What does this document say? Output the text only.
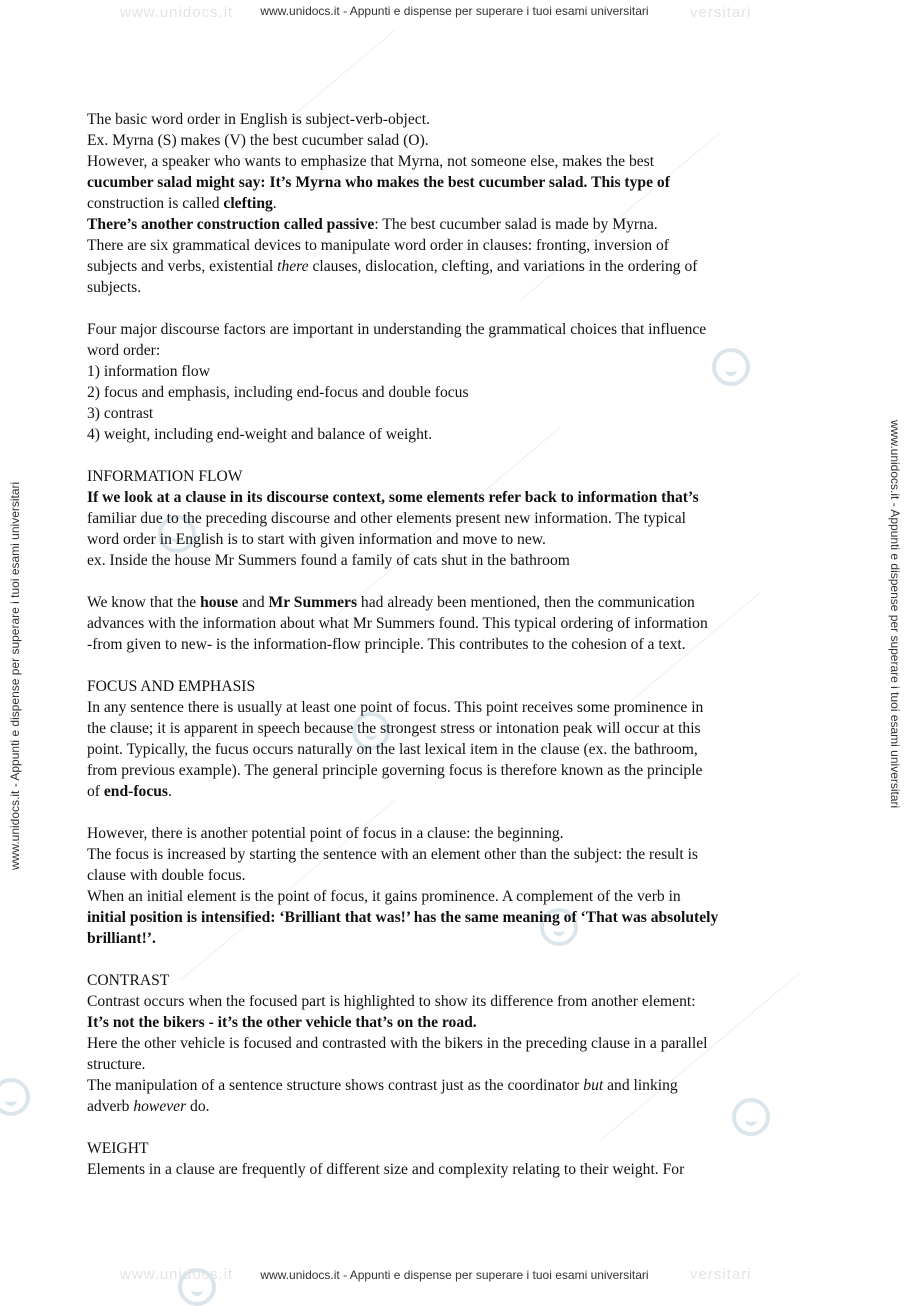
www.unidocs.it	versitari
www.unidocs.it	versitari
www.unidocs.it - Appunti e dispense per superare i tuoi esami universitari
www.unidocs.it - Appunti e dispense per superare i tuoi esami universitari
www.unidocs.it - Appunti e dispense per superare i tuoi esami universitari	www.unidocs.it - Appunti e dispense per superare i tuoi esami universitari

The basic word order in English is subject-verb-object.

Ex. Myrna (S) makes (V) the best cucumber salad (O).

However, a speaker who wants to emphasize that Myrna, not someone else, makes the best

cucumber salad might say: It’s Myrna who makes the best cucumber salad. This type of

construction is called clefting.

There’s another construction called passive: The best cucumber salad is made by Myrna.

There are six grammatical devices to manipulate word order in clauses: fronting, inversion of

subjects and verbs, existential there clauses, dislocation, clefting, and variations in the ordering of

subjects.

Four major discourse factors are important in understanding the grammatical choices that influence

word order:

1) information flow

2) focus and emphasis, including end-focus and double focus

3) contrast

4) weight, including end-weight and balance of weight.

INFORMATION FLOW

If we look at a clause in its discourse context, some elements refer back to information that’s

familiar due to the preceding discourse and other elements present new information. The typical

word order in English is to start with given information and move to new.

ex. Inside the house Mr Summers found a family of cats shut in the bathroom

We know that the house and Mr Summers had already been mentioned, then the communication

advances with the information about what Mr Summers found. This typical ordering of information

-from given to new- is the information-flow principle. This contributes to the cohesion of a text.

FOCUS AND EMPHASIS

In any sentence there is usually at least one point of focus. This point receives some prominence in

the clause; it is apparent in speech because the strongest stress or intonation peak will occur at this

point. Typically, the fucus occurs naturally on the last lexical item in the clause (ex. the bathroom,

from previous example). The general principle governing focus is therefore known as the principle

of end-focus.

However, there is another potential point of focus in a clause: the beginning.

The focus is increased by starting the sentence with an element other than the subject: the result is

clause with double focus.

When an initial element is the point of focus, it gains prominence. A complement of the verb in

initial position is intensified: ‘Brilliant that was!’ has the same meaning of ‘That was absolutely

brilliant!’.

CONTRAST

Contrast occurs when the focused part is highlighted to show its difference from another element:

It’s not the bikers - it’s the other vehicle that’s on the road.

Here the other vehicle is focused and contrasted with the bikers in the preceding clause in a parallel

structure.

The manipulation of a sentence structure shows contrast just as the coordinator but and linking

adverb however do.

WEIGHT

Elements in a clause are frequently of different size and complexity relating to their weight. For
